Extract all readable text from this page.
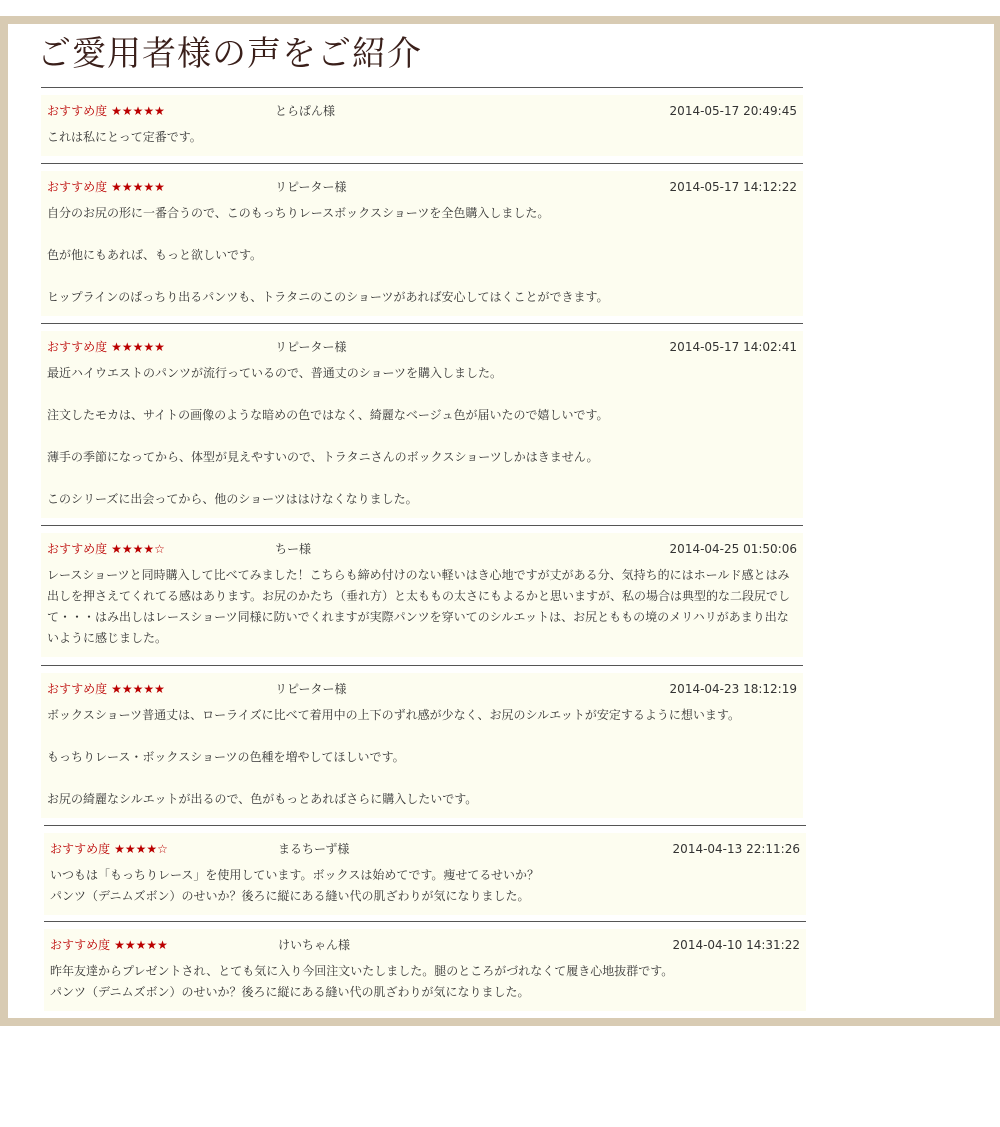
ご愛用者様の声をご紹介
おすすめ度 ★★★★★	とらぱん様	2014-05-17 20:49:45

これは私にとって定番です。

おすすめ度 ★★★★★	リピーター様	2014-05-17 14:12:22

自分のお尻の形に一番合うので、このもっちりレースボックスショーツを全色購入しました。

色が他にもあれば、もっと欲しいです。

ヒップラインのぱっちり出るパンツも、トラタニのこのショーツがあれば安心してはくことができます。

おすすめ度 ★★★★★	リピーター様	2014-05-17 14:02:41

最近ハイウエストのパンツが流行っているので、普通丈のショーツを購入しました。

注文したモカは、サイトの画像のような暗めの色ではなく、綺麗なベージュ色が届いたので嬉しいです。

薄手の季節になってから、体型が見えやすいので、トラタニさんのボックスショーツしかはきません。

このシリーズに出会ってから、他のショーツははけなくなりました。

おすすめ度 ★★★★☆	ちー様	2014-04-25 01:50:06

レースショーツと同時購入して比べてみました！こちらも締め付けのない軽いはき心地ですが丈がある分、気持ち的にはホールド感とはみ出しを押さえてくれてる感はあります。お尻のかたち（垂れ方）と太ももの太さにもよるかと思いますが、私の場合は典型的な二段尻でして・・・はみ出しはレースショーツ同様に防いでくれますが実際パンツを穿いてのシルエットは、お尻とももの境のメリハリがあまり出ないように感じました。

おすすめ度 ★★★★★	リピーター様	2014-04-23 18:12:19

ボックスショーツ普通丈は、ローライズに比べて着用中の上下のずれ感が少なく、お尻のシルエットが安定するように想います。

もっちりレース・ボックスショーツの色種を増やしてほしいです。

お尻の綺麗なシルエットが出るので、色がもっとあればさらに購入したいです。

おすすめ度 ★★★★☆	まるちーず様	2014-04-13 22:11:26

いつもは「もっちりレース」を使用しています。ボックスは始めてです。痩せてるせいか？

パンツ（デニムズボン）のせいか？後ろに縦にある縫い代の肌ざわりが気になりました。

おすすめ度 ★★★★★	けいちゃん様	2014-04-10 14:31:22

昨年友達からプレゼントされ、とても気に入り今回注文いたしました。腿のところがづれなくて履き心地抜群です。

パンツ（デニムズボン）のせいか？後ろに縦にある縫い代の肌ざわりが気になりました。
